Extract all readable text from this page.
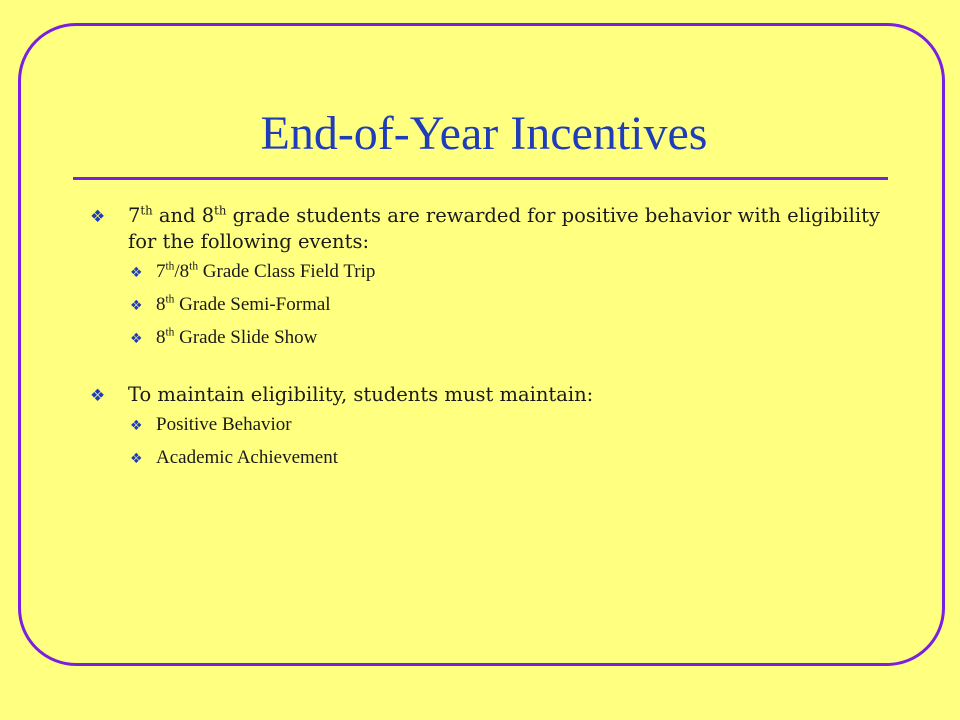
End-of-Year Incentives
❖ 7th and 8th grade students are rewarded for positive behavior with eligibility for the following events:
❖ 7th/8th Grade Class Field Trip
❖ 8th Grade Semi-Formal
❖ 8th Grade Slide Show
❖ To maintain eligibility, students must maintain:
❖ Positive Behavior
❖ Academic Achievement
